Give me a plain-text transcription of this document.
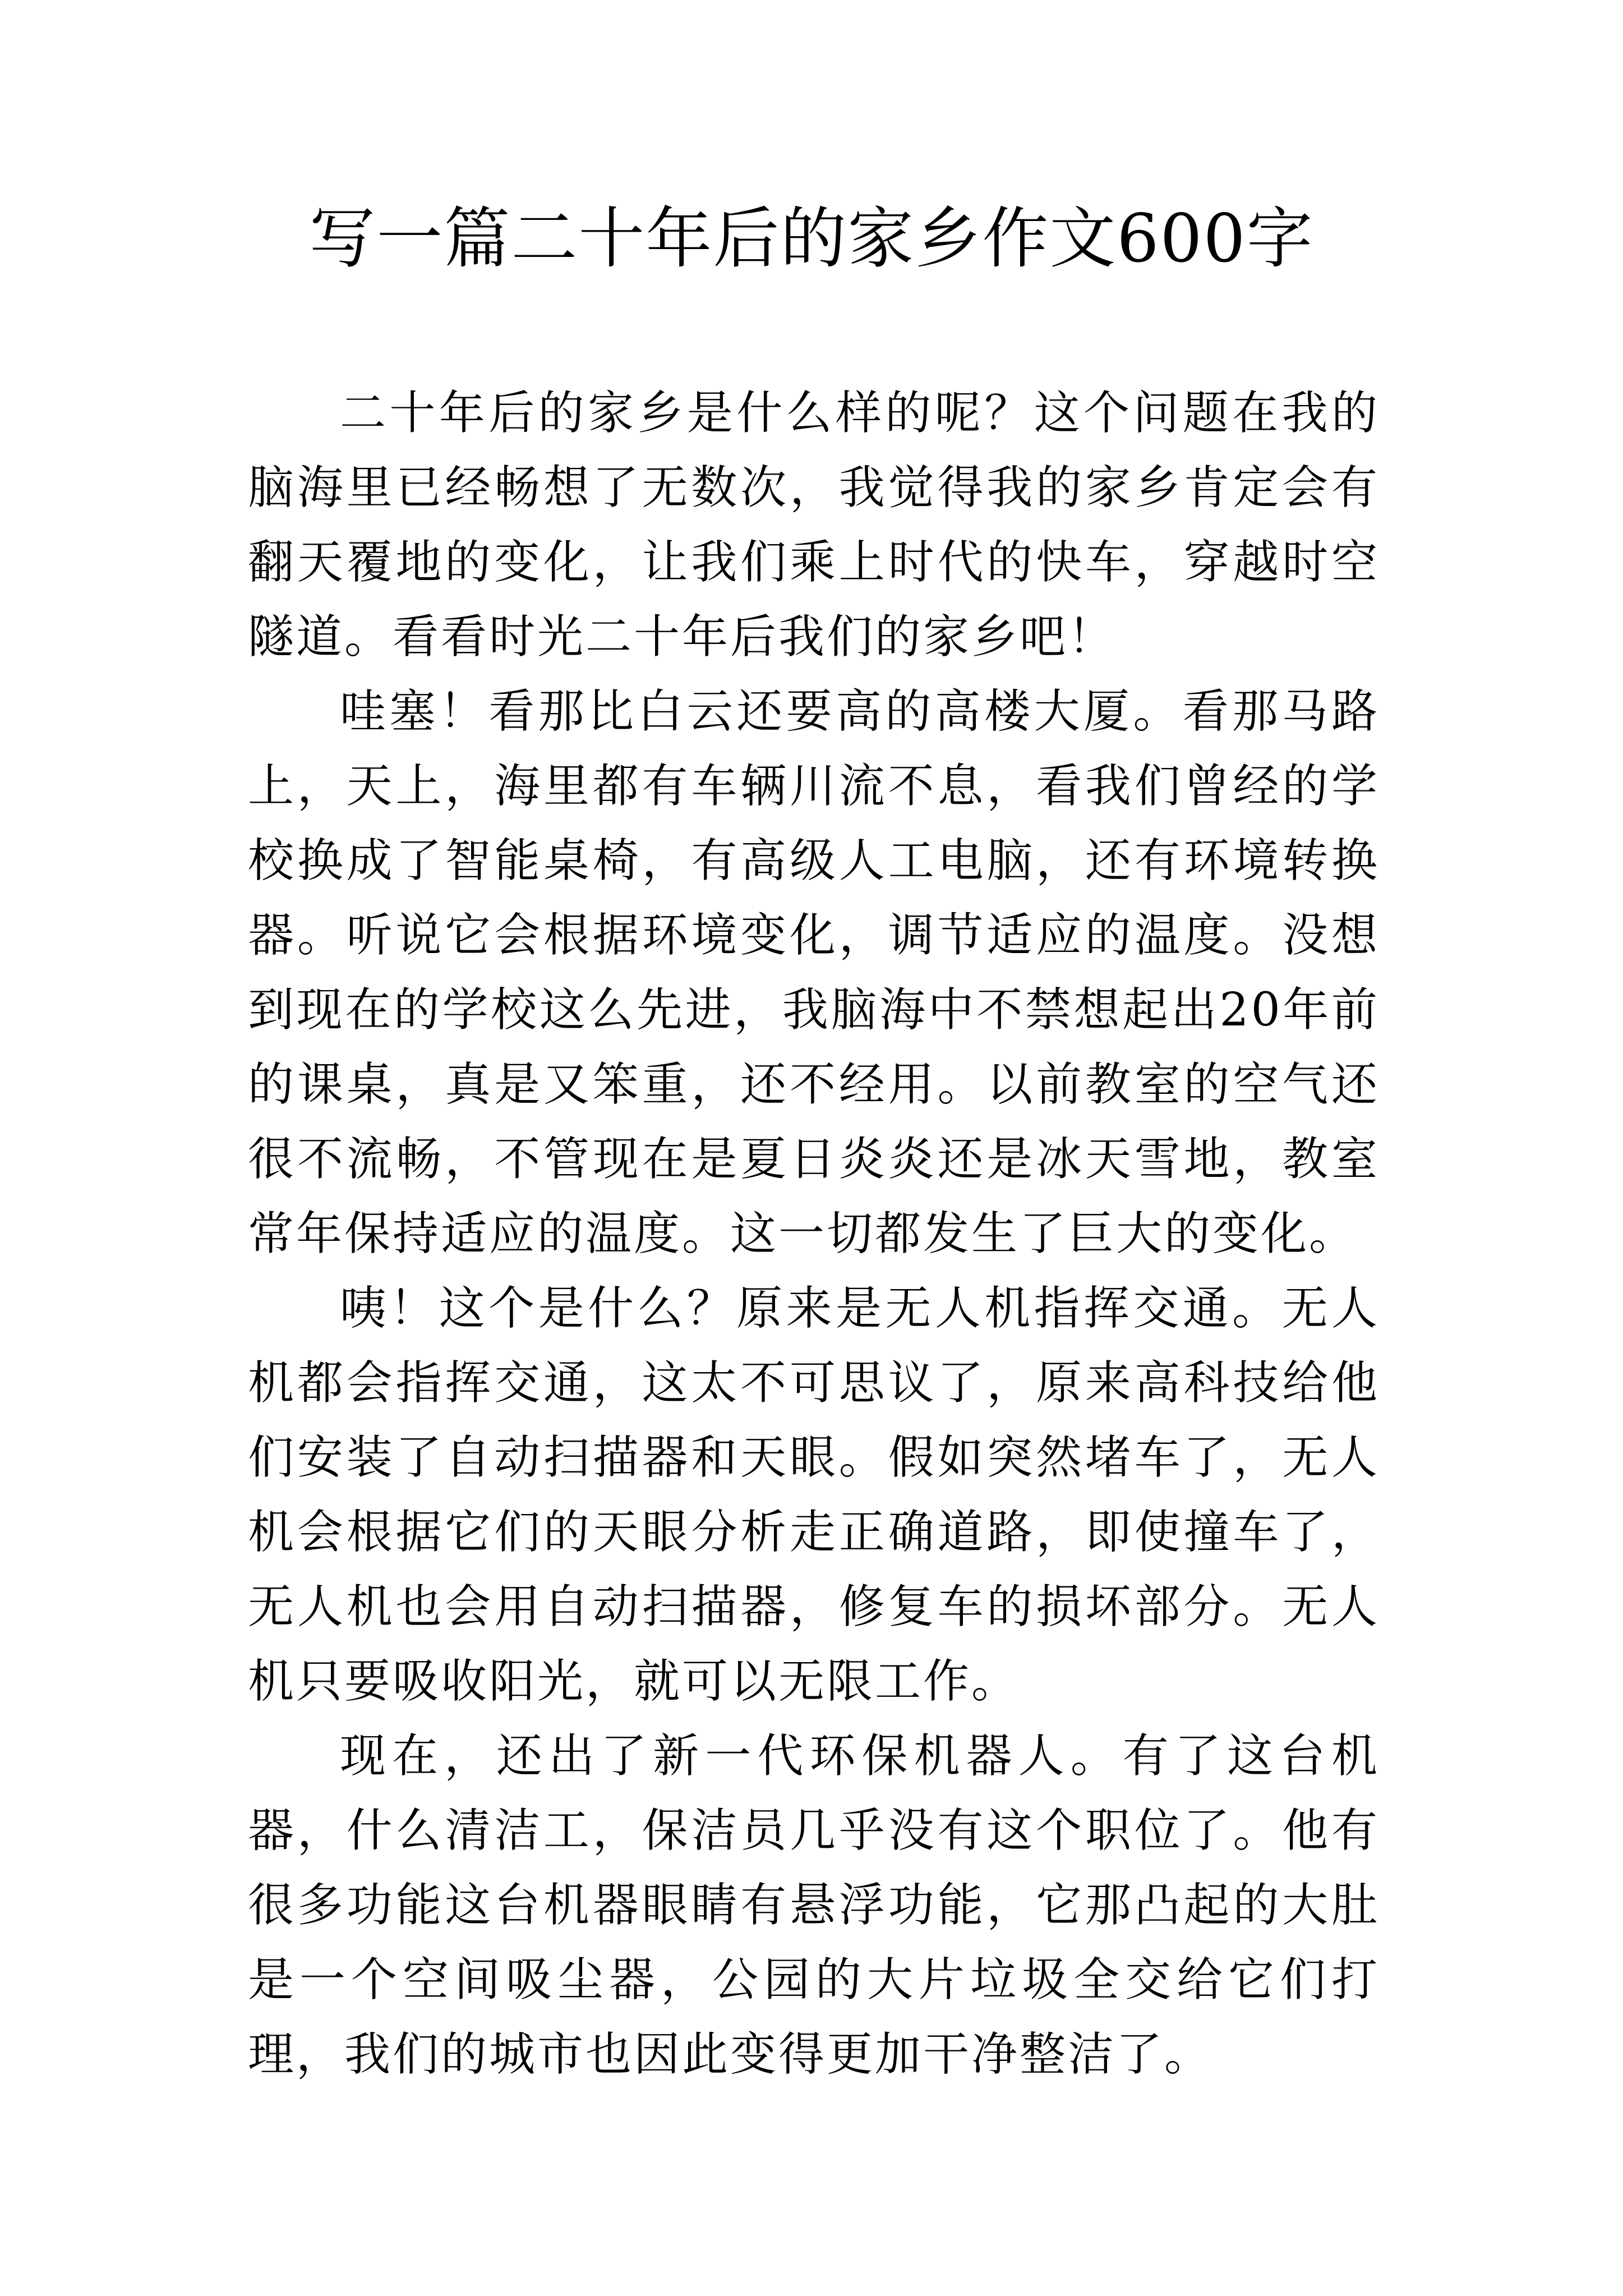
写一篇二十年后的家乡作文600字

二十年后的家乡是什么样的呢？这个问题在我的脑海里已经畅想了无数次，我觉得我的家乡肯定会有翻天覆地的变化，让我们乘上时代的快车，穿越时空隧道。看看时光二十年后我们的家乡吧！

哇塞！看那比白云还要高的高楼大厦。看那马路上，天上，海里都有车辆川流不息，看我们曾经的学校换成了智能桌椅，有高级人工电脑，还有环境转换器。听说它会根据环境变化，调节适应的温度。没想到现在的学校这么先进，我脑海中不禁想起出20年前的课桌，真是又笨重，还不经用。以前教室的空气还很不流畅，不管现在是夏日炎炎还是冰天雪地，教室常年保持适应的温度。这一切都发生了巨大的变化。

咦！这个是什么？原来是无人机指挥交通。无人机都会指挥交通，这太不可思议了，原来高科技给他们安装了自动扫描器和天眼。假如突然堵车了，无人机会根据它们的天眼分析走正确道路，即使撞车了，无人机也会用自动扫描器，修复车的损坏部分。无人机只要吸收阳光，就可以无限工作。

现在，还出了新一代环保机器人。有了这台机器，什么清洁工，保洁员几乎没有这个职位了。他有很多功能这台机器眼睛有悬浮功能，它那凸起的大肚是一个空间吸尘器，公园的大片垃圾全交给它们打理，我们的城市也因此变得更加干净整洁了。
